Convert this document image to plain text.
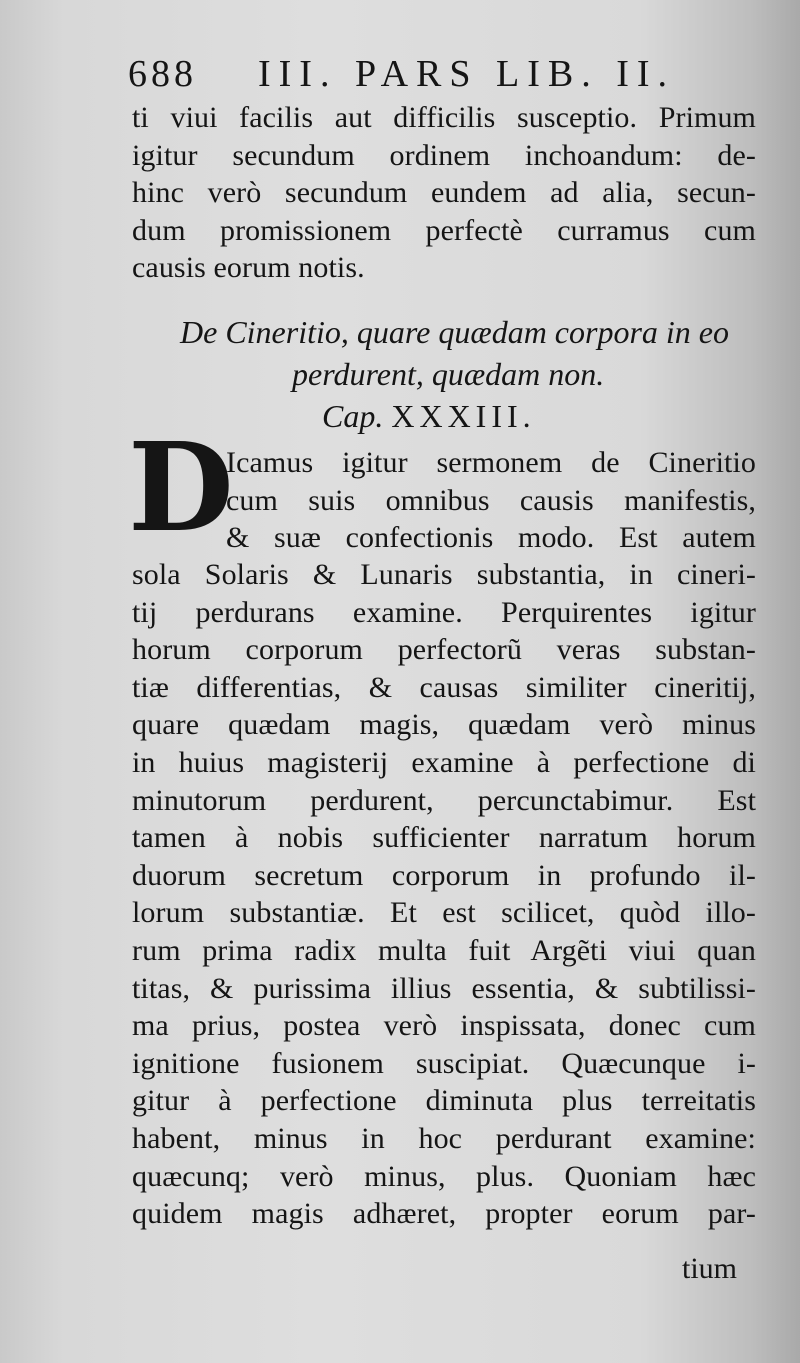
688 III. PARS LIB. II.
ti viui facilis aut difficilis susceptio. Primum
igitur secundum ordinem inchoandum: de-
hinc verò secundum eundem ad alia, secun-
dum promissionem perfectè curramus cum
causis eorum notis.
De Cineritio, quare quædam corpora in eo
perdurent, quædam non.
Cap. XXXIII.
D
Icamus igitur sermonem de Cineritio
cum suis omnibus causis manifestis,
& suæ confectionis modo. Est autem
sola Solaris & Lunaris substantia, in cineri-
tij perdurans examine. Perquirentes igitur
horum corporum perfectorũ veras substan-
tiæ differentias, & causas similiter cineritij,
quare quædam magis, quædam verò minus
in huius magisterij examine à perfectione di
minutorum perdurent, percunctabimur. Est
tamen à nobis sufficienter narratum horum
duorum secretum corporum in profundo il-
lorum substantiæ. Et est scilicet, quòd illo-
rum prima radix multa fuit Argẽti viui quan
titas, & purissima illius essentia, & subtilissi-
ma prius, postea verò inspissata, donec cum
ignitione fusionem suscipiat. Quæcunque i-
gitur à perfectione diminuta plus terreitatis
habent, minus in hoc perdurant examine:
quæcunq; verò minus, plus. Quoniam hæc
quidem magis adhæret, propter eorum par-
tium
